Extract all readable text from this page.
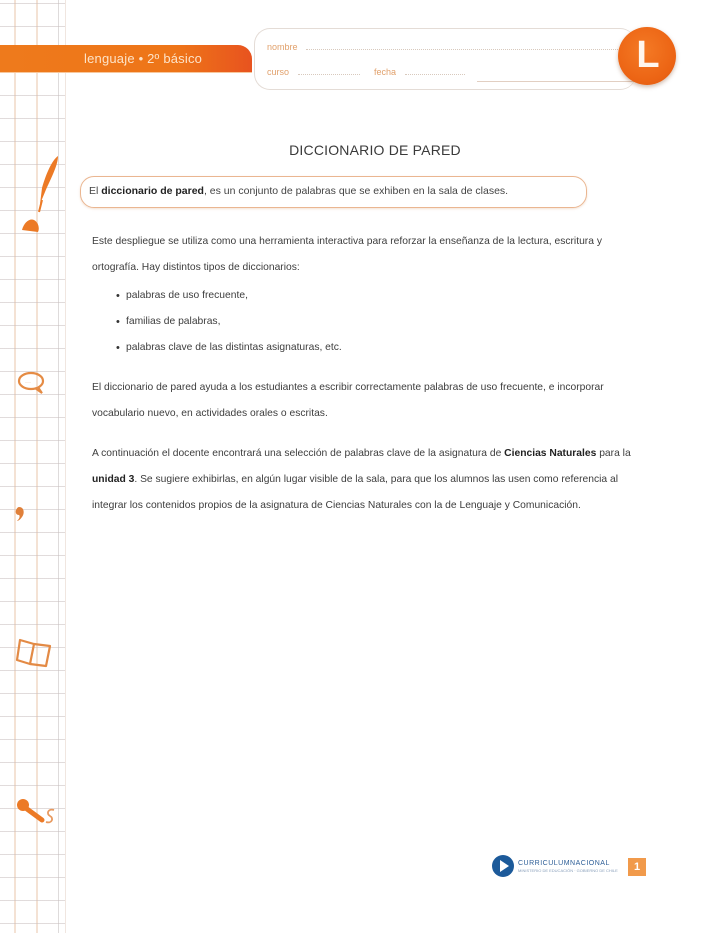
···
lenguaje • 2º básico
nombre
curso	fecha	L
DICCIONARIO DE PARED
El diccionario de pared, es un conjunto de palabras que se exhiben en la sala de clases.

Este despliegue se utiliza como una herramienta interactiva para reforzar la enseñanza de la lectura, escritura y ortografía. Hay distintos tipos de diccionarios:

• palabras de uso frecuente,
• familias de palabras,
• palabras clave de las distintas asignaturas, etc.

El diccionario de pared ayuda a los estudiantes a escribir correctamente palabras de uso frecuente, e incorporar vocabulario nuevo, en actividades orales o escritas.

A continuación el docente encontrará una selección de palabras clave de la asignatura de Ciencias Naturales para la unidad 3. Se sugiere exhibirlas, en algún lugar visible de la sala, para que los alumnos las usen como referencia al integrar los contenidos propios de la asignatura de Ciencias Naturales con la de Lenguaje y Comunicación.

CURRICULUMNACIONAL
MINISTERIO DE EDUCACIÓN · GOBIERNO DE CHILE	1
